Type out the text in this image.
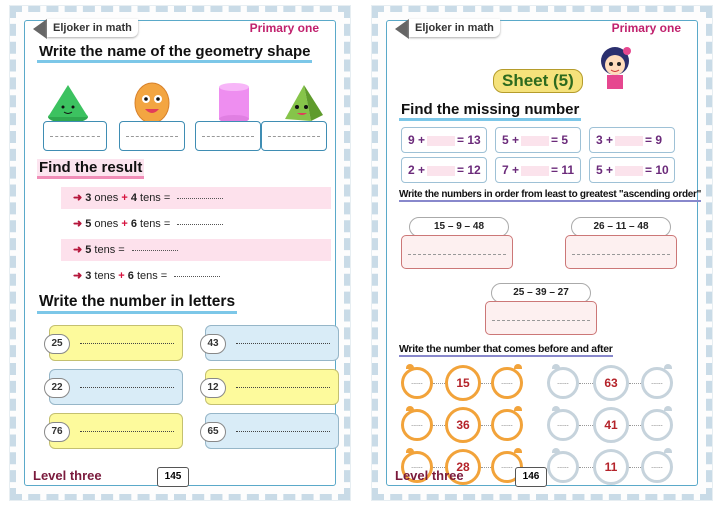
Eljoker in math	Primary one
Write the name of the geometry shape
Find the result
➜ 3 ones + 4 tens =
➜ 5 ones + 6 tens =
➜ 5 tens =
➜ 3 tens + 6 tens =
Write the number in letters
25	43
22	12
76	65
Level three	145
Eljoker in math	Primary one
Sheet (5)
Find the missing number
9 +	= 13	5 +	= 5	3 +	= 9
2 +	= 12	7 +	= 11	5 +	= 10
Write the numbers in order from least to greatest "ascending order"
15 – 9 – 48	26 – 11 – 48
25 – 39 – 27
Write the number that comes before and after
......	15	......
......	36	......
......	28	......
......	63	......
......	41	......
......	11	......
Level three	146
